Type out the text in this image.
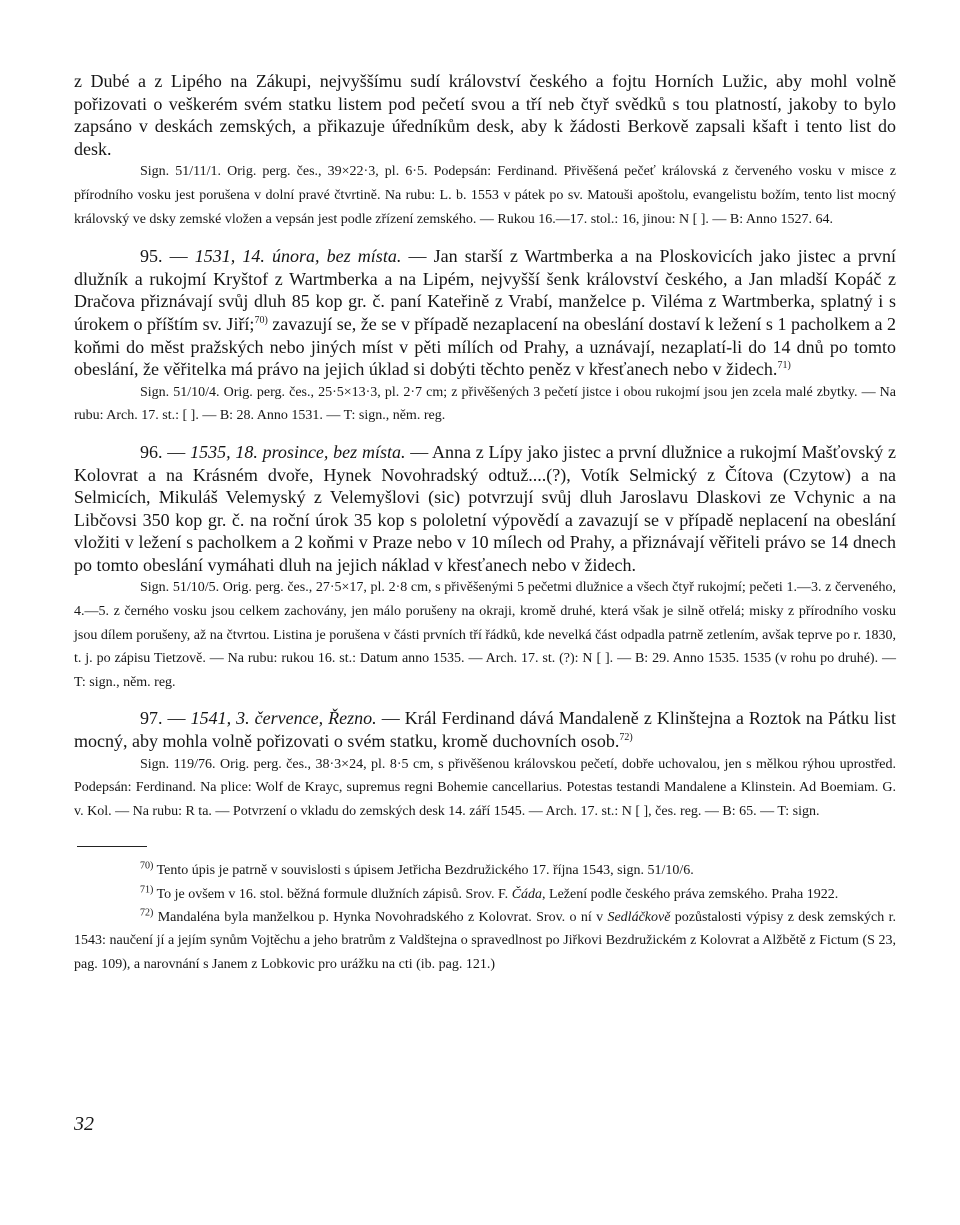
z Dubé a z Lipého na Zákupi, nejvyššímu sudí království českého a fojtu Horních Lužic, aby mohl volně pořizovati o veškerém svém statku listem pod pečetí svou a tří neb čtyř svědků s tou platností, jakoby to bylo zapsáno v deskách zemských, a přikazuje úředníkům desk, aby k žádosti Berkově zapsali kšaft i tento list do desk.

Sign. 51/11/1. Orig. perg. čes., 39×22·3, pl. 6·5. Podepsán: Ferdinand. Přivěšená pečeť královská z červeného vosku v misce z přírodního vosku jest porušena v dolní pravé čtvrtině. Na rubu: L. b. 1553 v pátek po sv. Matouši apoštolu, evangelistu božím, tento list mocný královský ve dsky zemské vložen a vepsán jest podle zřízení zemského. — Rukou 16.—17. stol.: 16, jinou: N [ ]. — B: Anno 1527. 64.

95. — 1531, 14. února, bez místa. — Jan starší z Wartmberka a na Ploskovicích jako jistec a první dlužník a rukojmí Kryštof z Wartmberka a na Lipém, nejvyšší šenk království českého, a Jan mladší Kopáč z Dračova přiznávají svůj dluh 85 kop gr. č. paní Kateřině z Vrabí, manželce p. Viléma z Wartmberka, splatný i s úrokem o příštím sv. Jiří;$^{70)}$ zavazují se, že se v případě nezaplacení na obeslání dostaví k ležení s 1 pacholkem a 2 koňmi do měst pražských nebo jiných míst v pěti mílích od Prahy, a uznávají, nezaplatí-li do 14 dnů po tomto obeslání, že věřitelka má právo na jejich úklad si dobýti těchto peněz v křesťanech nebo v židech.$^{71)}$

Sign. 51/10/4. Orig. perg. čes., 25·5×13·3, pl. 2·7 cm; z přivěšených 3 pečetí jistce i obou rukojmí jsou jen zcela malé zbytky. — Na rubu: Arch. 17. st.: [ ]. — B: 28. Anno 1531. — T: sign., něm. reg.

96. — 1535, 18. prosince, bez místa. — Anna z Lípy jako jistec a první dlužnice a rukojmí Mašťovský z Kolovrat a na Krásném dvoře, Hynek Novohradský odtuž....(?), Votík Selmický z Čítova (Czytow) a na Selmicích, Mikuláš Velemyský z Velemyšlovi (sic) potvrzují svůj dluh Jaroslavu Dlaskovi ze Vchynic a na Libčovsi 350 kop gr. č. na roční úrok 35 kop s pololetní výpovědí a zavazují se v případě neplacení na obeslání vložiti v ležení s pacholkem a 2 koňmi v Praze nebo v 10 mílech od Prahy, a přiznávají věřiteli právo se 14 dnech po tomto obeslání vymáhati dluh na jejich náklad v křesťanech nebo v židech.

Sign. 51/10/5. Orig. perg. čes., 27·5×17, pl. 2·8 cm, s přivěšenými 5 pečetmi dlužnice a všech čtyř rukojmí; pečeti 1.—3. z červeného, 4.—5. z černého vosku jsou celkem zachovány, jen málo porušeny na okraji, kromě druhé, která však je silně otřelá; misky z přírodního vosku jsou dílem porušeny, až na čtvrtou. Listina je porušena v části prvních tří řádků, kde nevelká část odpadla patrně zetlením, avšak teprve po r. 1830, t. j. po zápisu Tietzově. — Na rubu: rukou 16. st.: Datum anno 1535. — Arch. 17. st. (?): N [ ]. — B: 29. Anno 1535. 1535 (v rohu po druhé). — T: sign., něm. reg.

97. — 1541, 3. července, Řezno. — Král Ferdinand dává Mandaleně z Klinštejna a Roztok na Pátku list mocný, aby mohla volně pořizovati o svém statku, kromě duchovních osob.$^{72)}$

Sign. 119/76. Orig. perg. čes., 38·3×24, pl. 8·5 cm, s přivěšenou královskou pečetí, dobře uchovalou, jen s mělkou rýhou uprostřed. Podepsán: Ferdinand. Na plice: Wolf de Krayc, supremus regni Bohemie cancellarius. Potestas testandi Mandalene a Klinstein. Ad Boemiam. G. v. Kol. — Na rubu: R ta. — Potvrzení o vkladu do zemských desk 14. září 1545. — Arch. 17. st.: N [ ], čes. reg. — B: 65. — T: sign.

$^{70)}$ Tento úpis je patrně v souvislosti s úpisem Jetřicha Bezdružického 17. října 1543, sign. 51/10/6.

$^{71)}$ To je ovšem v 16. stol. běžná formule dlužních zápisů. Srov. F. Čáda, Ležení podle českého práva zemského. Praha 1922.

$^{72)}$ Mandaléna byla manželkou p. Hynka Novohradského z Kolovrat. Srov. o ní v Sedláčkově pozůstalosti výpisy z desk zemských r. 1543: naučení jí a jejím synům Vojtěchu a jeho bratrům z Valdštejna o spravedlnost po Jiřkovi Bezdružickém z Kolovrat a Alžbětě z Fictum (S 23, pag. 109), a narovnání s Janem z Lobkovic pro urážku na cti (ib. pag. 121.)

32
